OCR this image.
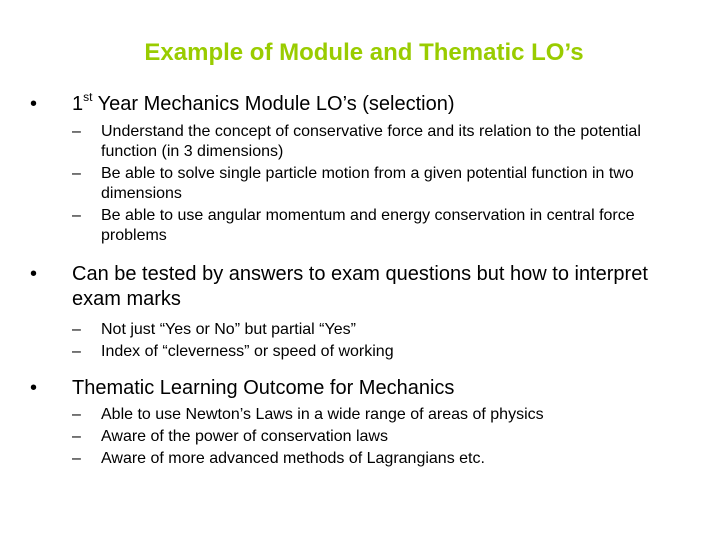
Example of Module and Thematic LO’s
•	1st Year Mechanics Module LO’s (selection)
– Understand the concept of conservative force and its relation to the potential function (in 3 dimensions)
– Be able to solve single particle motion from a given potential function in two dimensions
– Be able to use angular momentum and energy conservation in central force problems
•	Can be tested by answers to exam questions but how to interpret exam marks
– Not just “Yes or No” but partial “Yes”
– Index of “cleverness” or speed of working
•	Thematic Learning Outcome for Mechanics
– Able to use Newton’s Laws in a wide range of areas of physics
– Aware of the power of conservation laws
– Aware of more advanced methods of Lagrangians etc.
